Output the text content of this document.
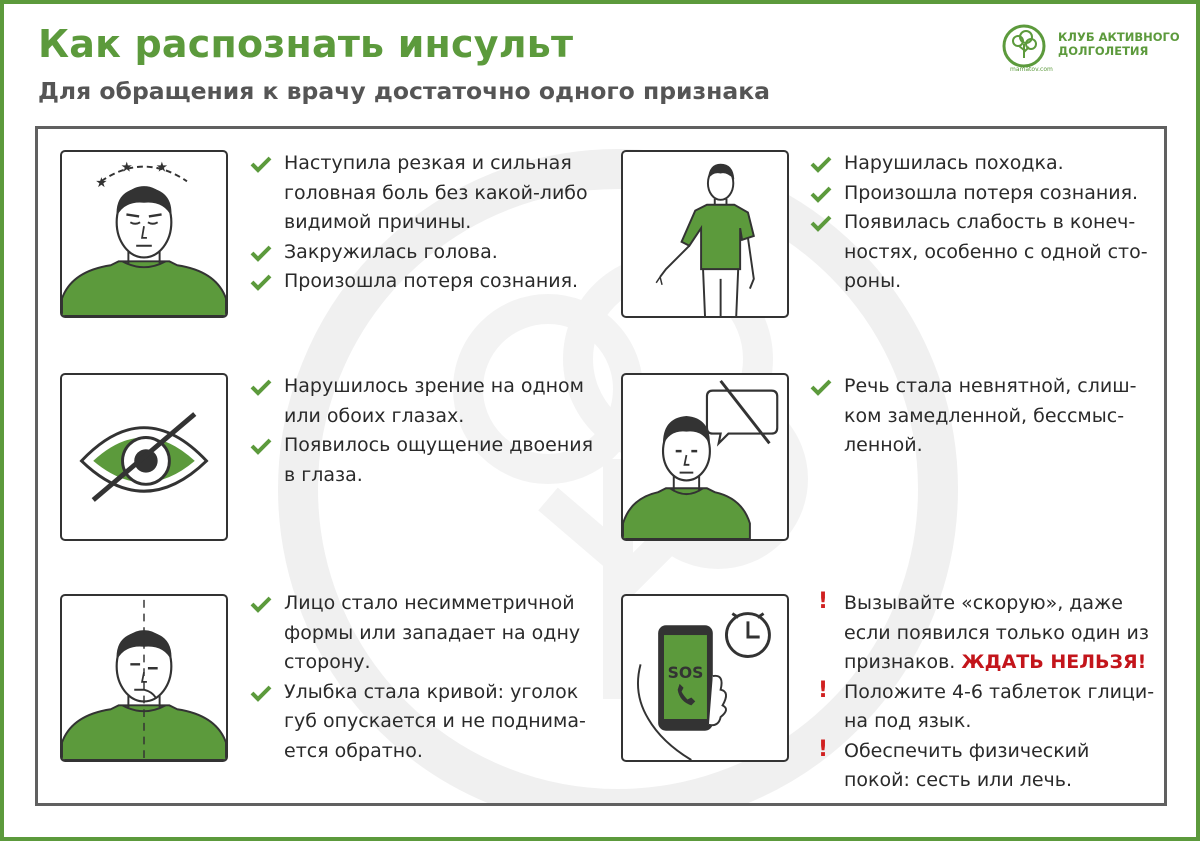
Как распознать инсульт
Для обращения к врачу достаточно одного признака
mamatov.com
КЛУБ АКТИВНОГО
ДОЛГОЛЕТИЯ
★
★ ★	Наступила резкая и сильная
головная боль без какой-либо
видимой причины.
Закружилась голова.
Произошла потеря сознания.
Нарушилась походка.
Произошла потеря сознания.
Появилась слабость в конеч-
ностях, особенно с одной сто-
роны.
Нарушилось зрение на одном
или обоих глазах.
Появилось ощущение двоения
в глаза.
Речь стала невнятной, слиш-
ком замедленной, бессмыс-
ленной.
Лицо стало несимметричной
формы или западает на одну
сторону.
Улыбка стала кривой: уголок
губ опускается и не поднима-
ется обратно.
SOS
! Вызывайте «скорую», даже
если появился только один из
признаков. ЖДАТЬ НЕЛЬЗЯ!
! Положите 4-6 таблеток глици-
на под язык.
! Обеспечить физический
покой: сесть или лечь.
